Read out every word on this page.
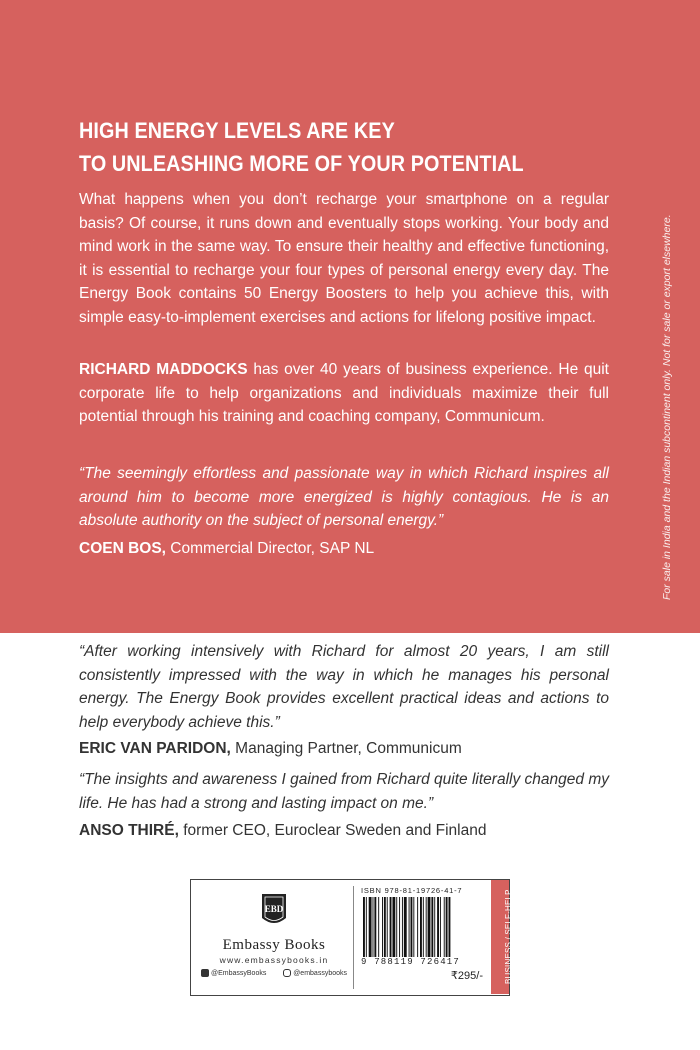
HIGH ENERGY LEVELS ARE KEY
TO UNLEASHING MORE OF YOUR POTENTIAL

What happens when you don’t recharge your smartphone on a regular basis? Of course, it runs down and eventually stops working. Your body and mind work in the same way. To ensure their healthy and effective functioning, it is essential to recharge your four types of personal energy every day. The Energy Book contains 50 Energy Boosters to help you achieve this, with simple easy-to-implement exercises and actions for lifelong positive impact.

RICHARD MADDOCKS has over 40 years of business experience. He quit corporate life to help organizations and individuals maximize their full potential through his training and coaching company, Communicum.

“The seemingly effortless and passionate way in which Richard inspires all around him to become more energized is highly contagious. He is an absolute authority on the subject of personal energy.”
COEN BOS, Commercial Director, SAP NL	For sale in India and the Indian subcontinent only. Not for sale or export elsewhere.
“After working intensively with Richard for almost 20 years, I am still consistently impressed with the way in which he manages his personal energy. The Energy Book provides excellent practical ideas and actions to help everybody achieve this.”
ERIC VAN PARIDON, Managing Partner, Communicum
“The insights and awareness I gained from Richard quite literally changed my life. He has had a strong and lasting impact on me.”
ANSO THIRÉ, former CEO, Euroclear Sweden and Finland
EBD
Embassy Books
www.embassybooks.in
@EmbassyBooks	@embassybooks
ISBN 978-81-19726-41-7
9 788119 726417
₹295/-	BUSINESS / SELF-HELP
